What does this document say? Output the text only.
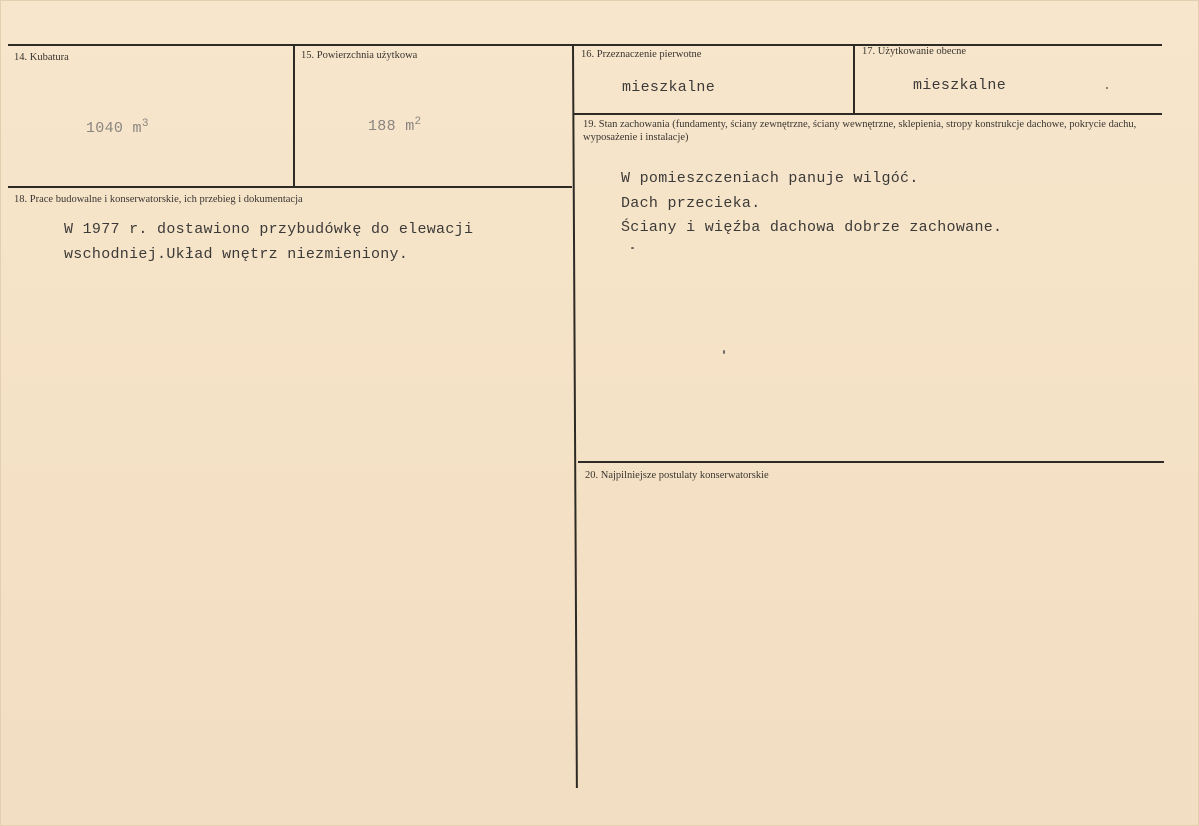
14. Kubatura
1040 $m^3$
15. Powierzchnia użytkowa
188 $m^2$
16. Przeznaczenie pierwotne
mieszkalne
17. Użytkowanie obecne
mieszkalne
18. Prace budowalne i konserwatorskie, ich przebieg i dokumentacja
W 1977 r. dostawiono przybudówkę do elewacji
wschodniej.Układ wnętrz niezmieniony.
19. Stan zachowania (fundamenty, ściany zewnętrzne, ściany wewnętrzne, sklepienia, stropy konstrukcje dachowe, pokrycie dachu, wyposażenie i instalacje)
W pomieszczeniach panuje wilgóć.
Dach przecieka.
Ściany i więźba dachowa dobrze zachowane.
20. Najpilniejsze postulaty konserwatorskie
